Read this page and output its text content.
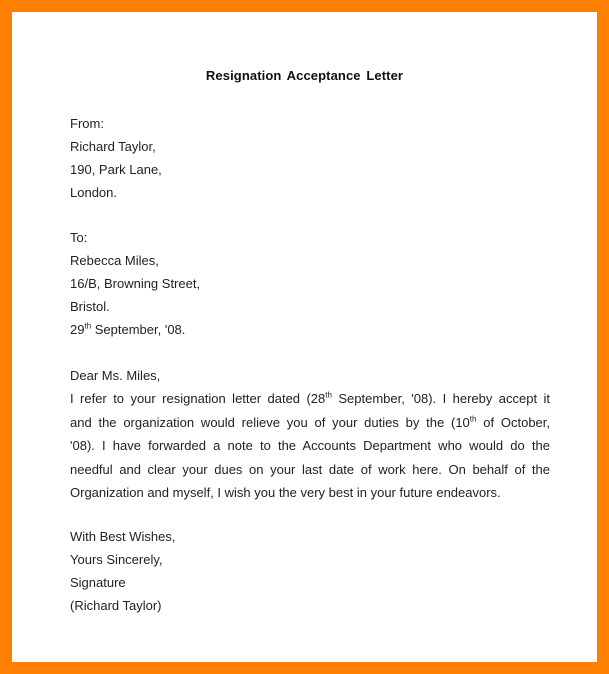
Resignation Acceptance Letter
From:
Richard Taylor,
190, Park Lane,
London.
To:
Rebecca Miles,
16/B, Browning Street,
Bristol.
29th September, '08.
Dear Ms. Miles,
I refer to your resignation letter dated (28th September, '08). I hereby accept it
and the organization would relieve you of your duties by the (10th of October,
'08). I have forwarded a note to the Accounts Department who would do the
needful and clear your dues on your last date of work here. On behalf of the
Organization and myself, I wish you the very best in your future endeavors.
With Best Wishes,
Yours Sincerely,
Signature
(Richard Taylor)
